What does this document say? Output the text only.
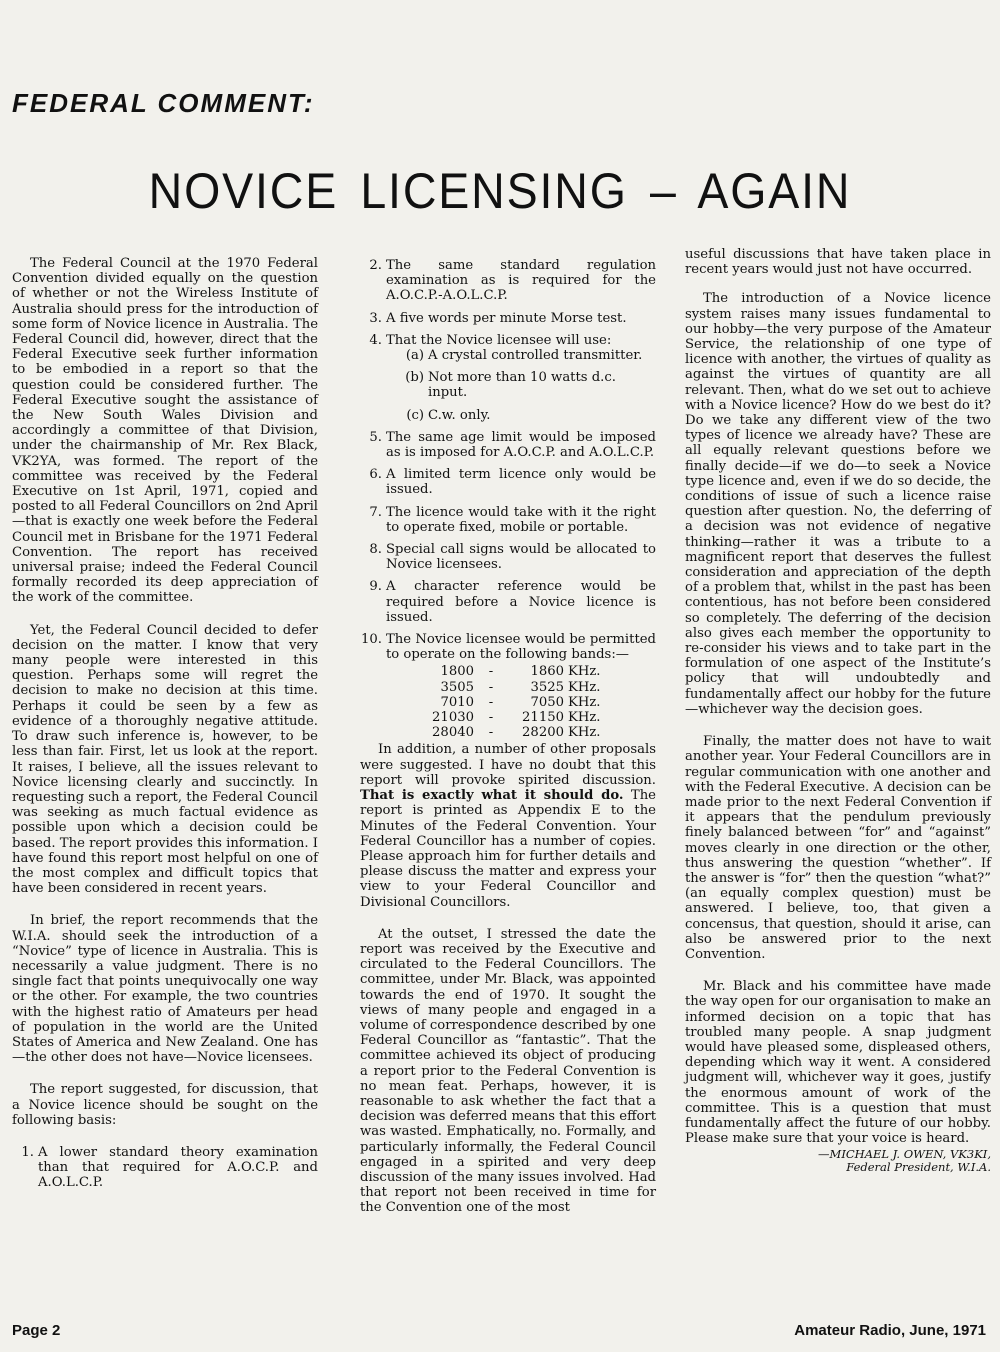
FEDERAL COMMENT:
NOVICE LICENSING – AGAIN

The Federal Council at the 1970 Federal Convention divided equally on the question of whether or not the Wireless Institute of Australia should press for the introduction of some form of Novice licence in Australia. The Federal Council did, however, direct that the Federal Executive seek further information to be embodied in a report so that the question could be considered further. The Federal Executive sought the assistance of the New South Wales Division and accordingly a committee of that Division, under the chairmanship of Mr. Rex Black, VK2YA, was formed. The report of the committee was received by the Federal Executive on 1st April, 1971, copied and posted to all Federal Councillors on 2nd April—that is exactly one week before the Federal Council met in Brisbane for the 1971 Federal Convention. The report has received universal praise; indeed the Federal Council formally recorded its deep appreciation of the work of the committee.

Yet, the Federal Council decided to defer decision on the matter. I know that very many people were interested in this question. Perhaps some will regret the decision to make no decision at this time. Perhaps it could be seen by a few as evidence of a thoroughly negative attitude. To draw such inference is, however, to be less than fair. First, let us look at the report. It raises, I believe, all the issues relevant to Novice licensing clearly and succinctly. In requesting such a report, the Federal Council was seeking as much factual evidence as possible upon which a decision could be based. The report provides this information. I have found this report most helpful on one of the most complex and difficult topics that have been considered in recent years.

In brief, the report recommends that the W.I.A. should seek the introduction of a “Novice” type of licence in Australia. This is necessarily a value judgment. There is no single fact that points unequivocally one way or the other. For example, the two countries with the highest ratio of Amateurs per head of population in the world are the United States of America and New Zealand. One has—the other does not have—Novice licensees.

The report suggested, for discussion, that a Novice licence should be sought on the following basis:

1. A lower standard theory examination than that required for A.O.C.P. and A.O.L.C.P.
2. The same standard regulation examination as is required for the A.O.C.P.-A.O.L.C.P.
3. A five words per minute Morse test.
4. That the Novice licensee will use:
(a) A crystal controlled transmitter.
(b) Not more than 10 watts d.c. input.
(c) C.w. only.
5. The same age limit would be imposed as is imposed for A.O.C.P. and A.O.L.C.P.
6. A limited term licence only would be issued.
7. The licence would take with it the right to operate fixed, mobile or portable.
8. Special call signs would be allocated to Novice licensees.
9. A character reference would be required before a Novice licence is issued.
10. The Novice licensee would be permitted to operate on the following bands:—
1800	-	1860	KHz.
3505	-	3525	KHz.
7010	-	7050	KHz.
21030	-	21150	KHz.
28040	-	28200	KHz.

In addition, a number of other proposals were suggested. I have no doubt that this report will provoke spirited discussion. That is exactly what it should do. The report is printed as Appendix E to the Minutes of the Federal Convention. Your Federal Councillor has a number of copies. Please approach him for further details and please discuss the matter and express your view to your Federal Councillor and Divisional Councillors.

At the outset, I stressed the date the report was received by the Executive and circulated to the Federal Councillors. The committee, under Mr. Black, was appointed towards the end of 1970. It sought the views of many people and engaged in a volume of correspondence described by one Federal Councillor as “fantastic”. That the committee achieved its object of producing a report prior to the Federal Convention is no mean feat. Perhaps, however, it is reasonable to ask whether the fact that a decision was deferred means that this effort was wasted. Emphatically, no. Formally, and particularly informally, the Federal Council engaged in a spirited and very deep discussion of the many issues involved. Had that report not been received in time for the Convention one of the most

useful discussions that have taken place in recent years would just not have occurred.

The introduction of a Novice licence system raises many issues fundamental to our hobby—the very purpose of the Amateur Service, the relationship of one type of licence with another, the virtues of quality as against the virtues of quantity are all relevant. Then, what do we set out to achieve with a Novice licence? How do we best do it? Do we take any different view of the two types of licence we already have? These are all equally relevant questions before we finally decide—if we do—to seek a Novice type licence and, even if we do so decide, the conditions of issue of such a licence raise question after question. No, the deferring of a decision was not evidence of negative thinking—rather it was a tribute to a magnificent report that deserves the fullest consideration and appreciation of the depth of a problem that, whilst in the past has been contentious, has not before been considered so completely. The deferring of the decision also gives each member the opportunity to re-consider his views and to take part in the formulation of one aspect of the Institute’s policy that will undoubtedly and fundamentally affect our hobby for the future—whichever way the decision goes.

Finally, the matter does not have to wait another year. Your Federal Councillors are in regular communication with one another and with the Federal Executive. A decision can be made prior to the next Federal Convention if it appears that the pendulum previously finely balanced between “for” and “against” moves clearly in one direction or the other, thus answering the question “whether”. If the answer is “for” then the question “what?” (an equally complex question) must be answered. I believe, too, that given a concensus, that question, should it arise, can also be answered prior to the next Convention.

Mr. Black and his committee have made the way open for our organisation to make an informed decision on a topic that has troubled many people. A snap judgment would have pleased some, displeased others, depending which way it went. A considered judgment will, whichever way it goes, justify the enormous amount of work of the committee. This is a question that must fundamentally affect the future of our hobby. Please make sure that your voice is heard.

—MICHAEL J. OWEN, VK3KI,
Federal President, W.I.A.
Page 2	Amateur Radio, June, 1971
